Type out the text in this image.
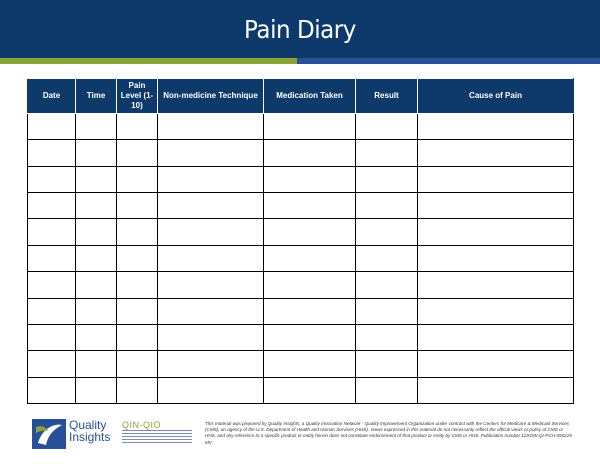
Pain Diary
Date	Time	Pain Level (1-10)	Non-medicine Technique	Medication Taken	Result	Cause of Pain

Quality
Insights
QIN-QIO	This material was prepared by Quality Insights, a Quality Innovation Network - Quality Improvement Organization under contract with the Centers for Medicare & Medicaid Services (CMS), an agency of the U.S. Department of Health and Human Services (HHS). Views expressed in this material do not necessarily reflect the official views or policy of CMS or HHS, and any reference to a specific product or entity herein does not constitute endorsement of that product or entity by CMS or HHS. Publication number 12SOW-QI-PCH-050225-MV
